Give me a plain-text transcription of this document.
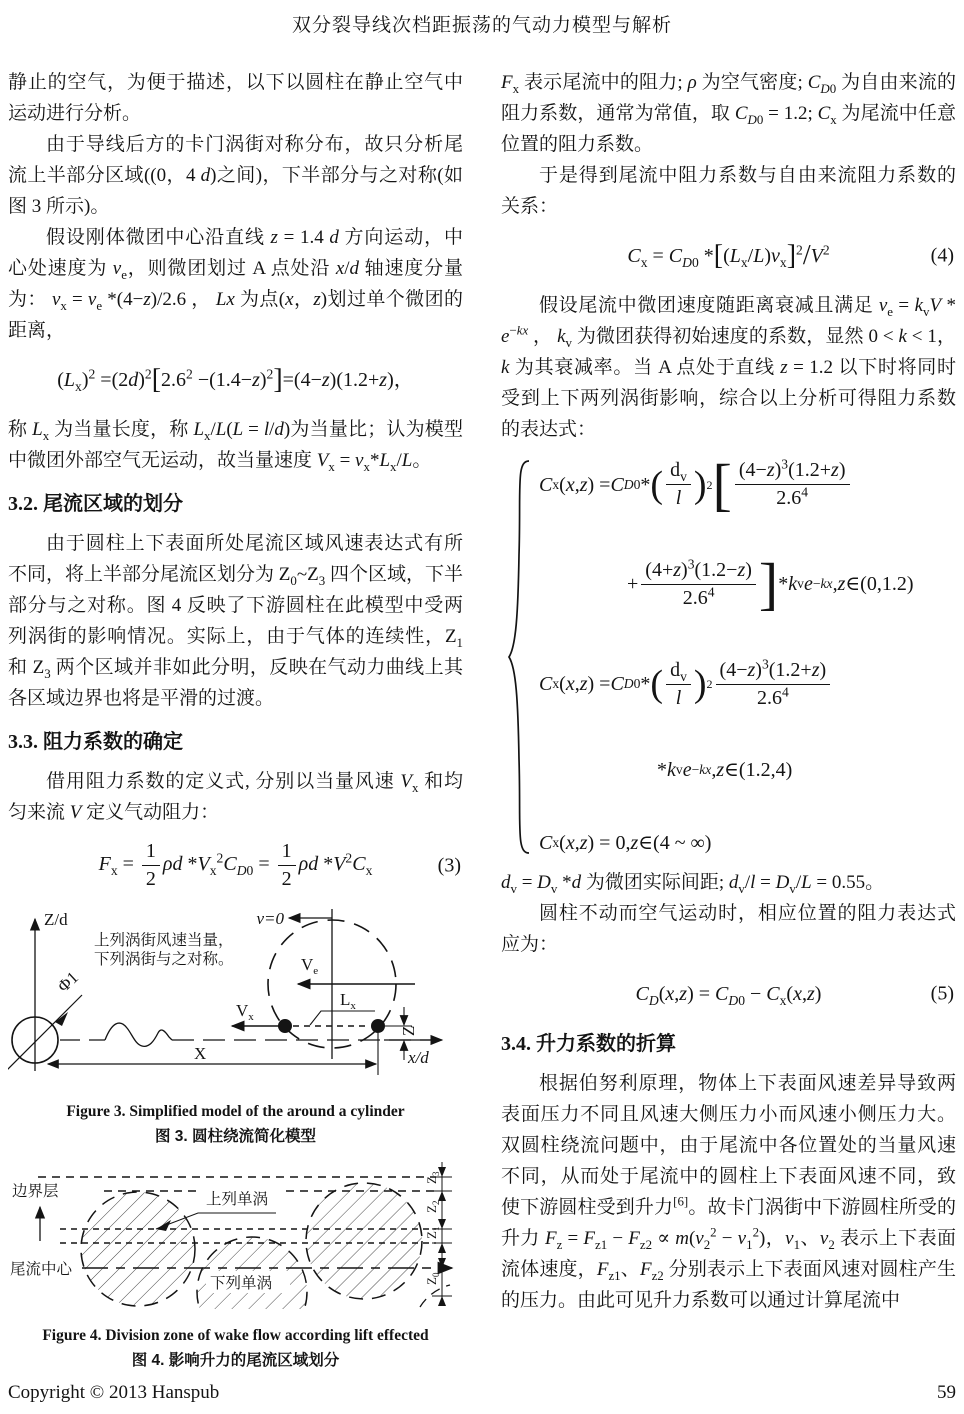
双分裂导线次档距振荡的气动力模型与解析

静止的空气，为便于描述，以下以圆柱在静止空气中运动进行分析。

由于导线后方的卡门涡街对称分布，故只分析尾流上半部分区域((0，4 d)之间)，下半部分与之对称(如图 3 所示)。

假设刚体微团中心沿直线 z = 1.4 d 方向运动，中心处速度为 $v_e$，则微团划过 A 点处沿 x/d 轴速度分量为： $v_x = v_e$ *(4−z)/2.6 ， Lx 为点(x，z)划过单个微团的距离，

$(L_x)^2 =(2d)^2[2.6^2 -(1.4-z)^2]=(4-z)(1.2+z)$，

称 $L_x$ 为当量长度，称 $L_x/L(L = l/d)$为当量比；认为模型中微团外部空气无运动，故当量速度 $V_x = v_x*L_x/L$。

3.2. 尾流区域的划分

由于圆柱上下表面所处尾流区域风速表达式有所不同，将上半部分尾流区划分为 $Z_0\sim Z_3$ 四个区域，下半部分与之对称。图 4 反映了下游圆柱在此模型中受两列涡街的影响情况。实际上，由于气体的连续性，$Z_1$ 和 $Z_3$ 两个区域并非如此分明，反映在气动力曲线上其各区域边界也将是平滑的过渡。

3.3. 阻力系数的确定

借用阻力系数的定义式, 分别以当量风速 $V_x$ 和均匀来流 V 定义气动阻力：

$F_x = \frac{1}{2}$ ρd $*V_x^2C_{D0} = \frac{1}{2}$ ρd $*V^2C_x$	(3)
Z/d
Φ1
上列涡街风速当量，
下列涡街与之对称。
X
v=0
$V_e$
$V_x$
$L_x$
x/d
Z
Figure 3. Simplified model of the around a cylinder
图 3. 圆柱绕流简化模型
边界层
尾流中心
上列单涡
下列单涡
$Z_3$
$Z_2$
$Z_1$
$Z_0$
Figure 4. Division zone of wake flow according lift effected
图 4. 影响升力的尾流区域划分

$F_x$ 表示尾流中的阻力; ρ 为空气密度; $C_{D0}$ 为自由来流的阻力系数，通常为常值，取 $C_{D0} = 1.2$; $C_x$ 为尾流中任意位置的阻力系数。

于是得到尾流中阻力系数与自由来流阻力系数的关系：

$C_x = C_{D0}$ $*[(L_x/L)v_x]^2/V^2$	(4)

假设尾流中微团速度随距离衰减且满足 $v_e = k_vV * e^{-kx}$ ， $k_v$ 为微团获得初始速度的系数，显然 0 < k < 1，k 为其衰减率。当 A 点处于直线 z = 1.2 以下时将同时受到上下两列涡街影响，综合以上分析可得阻力系数的表达式：

C x ( x , z ) = C D0 * ( $d_v$
l ) 2 [ $(4-z)^3(1.2+z)$
$2.6^4$
+
$(4+z)^3(1.2-z)$
$2.6^4$ ] * k v e −kx , z ∈(0,1.2)
C x ( x , z ) = C D0 * ( $d_v$
l ) 2
$(4-z)^3(1.2+z)$
$2.6^4$
* k v e −kx , z ∈(1.2,4)
C x ( x , z ) = 0, z ∈(4 ~ ∞)

$d_v = D_v$ *d 为微团实际间距; $d_v/l = D_v/L = 0.55$。

圆柱不动而空气运动时，相应位置的阻力表达式应为：

$C_D(x,z) = C_{D0} - C_x(x,z)$	(5)
3.4. 升力系数的折算

根据伯努利原理，物体上下表面风速差异导致两表面压力不同且风速大侧压力小而风速小侧压力大。双圆柱绕流问题中，由于尾流中各位置处的当量风速不同，从而处于尾流中的圆柱上下表面风速不同，致使下游圆柱受到升力[6]。故卡门涡街中下游圆柱所受的升力 $F_z = F_{z1} - F_{z2} \propto m(v_2^2 - v_1^2)$，$v_1$、$v_2$ 表示上下表面流体速度，$F_{z1}$、$F_{z2}$ 分别表示上下表面风速对圆柱产生的压力。由此可见升力系数可以通过计算尾流中

Copyright © 2013 Hanspub	59
